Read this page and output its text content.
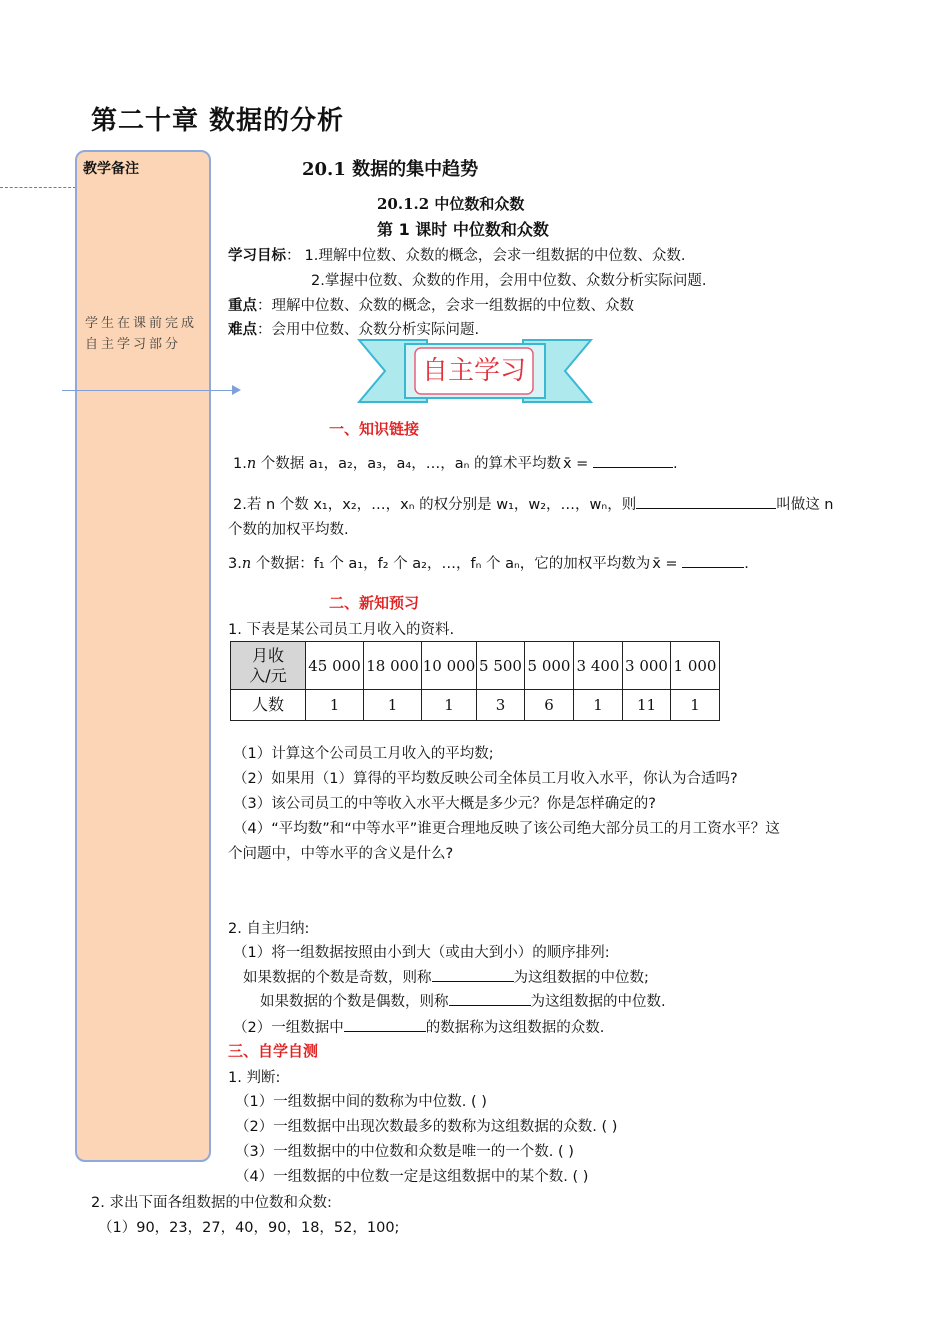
第二十章 数据的分析
教学备注
学生在课前完成
自主学习部分
20.1 数据的集中趋势
20.1.2 中位数和众数
第 1 课时 中位数和众数
学习目标： 1.理解中位数、众数的概念，会求一组数据的中位数、众数.
2.掌握中位数、众数的作用，会用中位数、众数分析实际问题.
重点：理解中位数、众数的概念，会求一组数据的中位数、众数
难点：会用中位数、众数分析实际问题.
自主学习
一、知识链接
1.n 个数据 a₁，a₂，a₃，a₄，…，aₙ 的算术平均数 x̄ =	.
2.若 n 个数 x₁，x₂，…，xₙ 的权分别是 w₁，w₂，…，wₙ，则	叫做这 n
个数的加权平均数.
3.n 个数据：f₁ 个 a₁，f₂ 个 a₂，…，fₙ 个 aₙ，它的加权平均数为 x̄ =	.
二、新知预习
1. 下表是某公司员工月收入的资料.
月收
入/元	45 000	18 000	10 000	5 500	5 000	3 400	3 000	1 000
人数	1	1	1	3	6	1	11	1
（1）计算这个公司员工月收入的平均数;
（2）如果用（1）算得的平均数反映公司全体员工月收入水平，你认为合适吗?
（3）该公司员工的中等收入水平大概是多少元？你是怎样确定的?
（4）“平均数”和“中等水平”谁更合理地反映了该公司绝大部分员工的月工资水平？这
个问题中，中等水平的含义是什么?
2. 自主归纳:
（1）将一组数据按照由小到大（或由大到小）的顺序排列:
如果数据的个数是奇数，则称	为这组数据的中位数;
如果数据的个数是偶数，则称	为这组数据的中位数.
（2）一组数据中	的数据称为这组数据的众数.
三、自学自测
1. 判断:
（1）一组数据中间的数称为中位数. ( )
（2）一组数据中出现次数最多的数称为这组数据的众数. ( )
（3）一组数据中的中位数和众数是唯一的一个数. ( )
（4）一组数据的中位数一定是这组数据中的某个数. ( )
2. 求出下面各组数据的中位数和众数:
（1）90，23，27，40，90，18，52，100;
